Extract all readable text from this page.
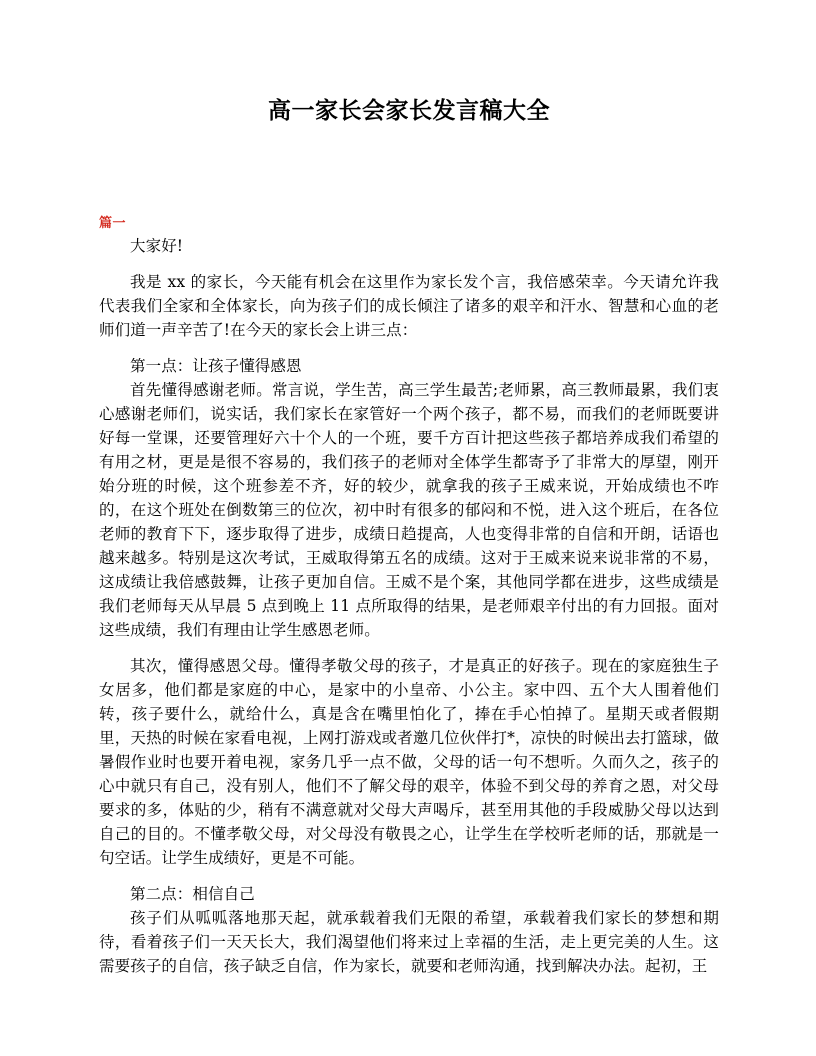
高一家长会家长发言稿大全
篇一

大家好!

我是 xx 的家长，今天能有机会在这里作为家长发个言，我倍感荣幸。今天请允许我代表我们全家和全体家长，向为孩子们的成长倾注了诸多的艰辛和汗水、智慧和心血的老师们道一声辛苦了!在今天的家长会上讲三点：

第一点：让孩子懂得感恩

首先懂得感谢老师。常言说，学生苦，高三学生最苦;老师累，高三教师最累，我们衷心感谢老师们，说实话，我们家长在家管好一个两个孩子，都不易，而我们的老师既要讲好每一堂课，还要管理好六十个人的一个班，要千方百计把这些孩子都培养成我们希望的有用之材，更是是很不容易的，我们孩子的老师对全体学生都寄予了非常大的厚望，刚开始分班的时候，这个班参差不齐，好的较少，就拿我的孩子王威来说，开始成绩也不咋的，在这个班处在倒数第三的位次，初中时有很多的郁闷和不悦，进入这个班后，在各位老师的教育下下，逐步取得了进步，成绩日趋提高，人也变得非常的自信和开朗，话语也越来越多。特别是这次考试，王威取得第五名的成绩。这对于王威来说来说非常的不易，这成绩让我倍感鼓舞，让孩子更加自信。王威不是个案，其他同学都在进步，这些成绩是我们老师每天从早晨 5 点到晚上 11 点所取得的结果，是老师艰辛付出的有力回报。面对这些成绩，我们有理由让学生感恩老师。

其次，懂得感恩父母。懂得孝敬父母的孩子，才是真正的好孩子。现在的家庭独生子女居多，他们都是家庭的中心，是家中的小皇帝、小公主。家中四、五个大人围着他们转，孩子要什么，就给什么，真是含在嘴里怕化了，捧在手心怕掉了。星期天或者假期里，天热的时候在家看电视，上网打游戏或者邀几位伙伴打*，凉快的时候出去打篮球，做暑假作业时也要开着电视，家务几乎一点不做，父母的话一句不想听。久而久之，孩子的心中就只有自己，没有别人，他们不了解父母的艰辛，体验不到父母的养育之恩，对父母要求的多，体贴的少，稍有不满意就对父母大声喝斥，甚至用其他的手段威胁父母以达到自己的目的。不懂孝敬父母，对父母没有敬畏之心，让学生在学校听老师的话，那就是一句空话。让学生成绩好，更是不可能。

第二点：相信自己

孩子们从呱呱落地那天起，就承载着我们无限的希望，承载着我们家长的梦想和期待，看着孩子们一天天长大，我们渴望他们将来过上幸福的生活，走上更完美的人生。这需要孩子的自信，孩子缺乏自信，作为家长，就要和老师沟通，找到解决办法。起初，王
